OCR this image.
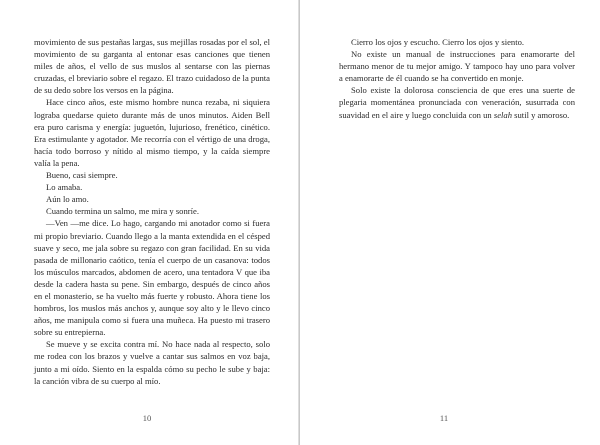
movimiento de sus pestañas largas, sus mejillas rosadas por el sol, el movimiento de su garganta al entonar esas canciones que tienen miles de años, el vello de sus muslos al sentarse con las piernas cruzadas, el breviario sobre el regazo. El trazo cuidadoso de la punta de su dedo sobre los versos en la página.

Hace cinco años, este mismo hombre nunca rezaba, ni siquiera lograba quedarse quieto durante más de unos minutos. Aiden Bell era puro carisma y energía: juguetón, lujurioso, frenético, cinético. Era estimulante y agotador. Me recorría con el vértigo de una droga, hacía todo borroso y nítido al mismo tiempo, y la caída siempre valía la pena.

Bueno, casi siempre.

Lo amaba.

Aún lo amo.

Cuando termina un salmo, me mira y sonríe.

—Ven —me dice. Lo hago, cargando mi anotador como si fuera mi propio breviario. Cuando llego a la manta extendida en el césped suave y seco, me jala sobre su regazo con gran facilidad. En su vida pasada de millonario caótico, tenía el cuerpo de un casanova: todos los músculos marcados, abdomen de acero, una tentadora V que iba desde la cadera hasta su pene. Sin embargo, después de cinco años en el monasterio, se ha vuelto más fuerte y robusto. Ahora tiene los hombros, los muslos más anchos y, aunque soy alto y le llevo cinco años, me manipula como si fuera una muñeca. Ha puesto mi trasero sobre su entrepierna.

Se mueve y se excita contra mí. No hace nada al respecto, solo me rodea con los brazos y vuelve a cantar sus salmos en voz baja, junto a mi oído. Siento en la espalda cómo su pecho le sube y baja: la canción vibra de su cuerpo al mío.

10

Cierro los ojos y escucho. Cierro los ojos y siento.

No existe un manual de instrucciones para enamorarte del hermano menor de tu mejor amigo. Y tampoco hay uno para volver a enamorarte de él cuando se ha convertido en monje.

Solo existe la dolorosa consciencia de que eres una suerte de plegaria momentánea pronunciada con veneración, susurrada con suavidad en el aire y luego concluida con un selah sutil y amoroso.

11
